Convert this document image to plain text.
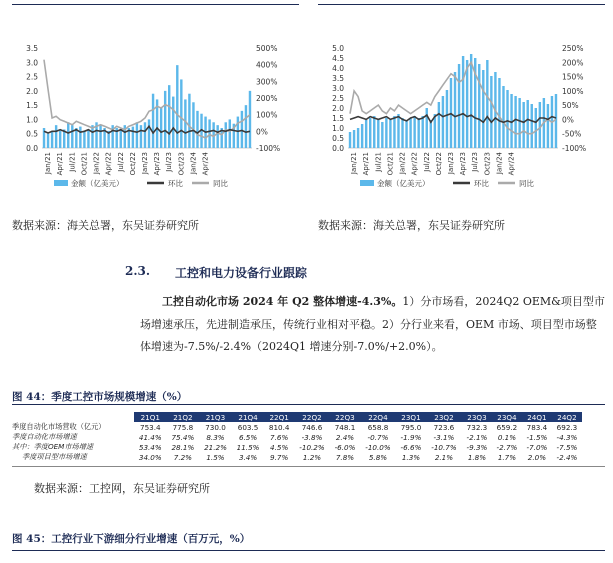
3.5
3.0
2.5
2.0
1.5
1.0
0.5
0.0
500%
400%
300%
200%
100%
0%
-100%
Jan/21 Apr/21 Jul/21 Oct/21 Jan/22 Apr/22 Jul/22 Oct/22 Jan/23 Apr/23 Jul/23 Oct/23 Jan/24 Apr/24
金额（亿美元）	环比	同比
5.0
4.5
4.0
3.5
3.0
2.5
2.0
1.5
1.0
0.5
0.0
250%
200%
150%
100%
50%
0%
-50%
-100%
Jan/21 Apr/21 Jul/21 Oct/21 Jan/22 Apr/22 Jul/22 Oct/22 Jan/23 Apr/23 Jul/23 Oct/23 Jan/24 Apr/24
金额（亿美元）	环比	同比
数据来源：海关总署，东吴证券研究所	数据来源：海关总署，东吴证券研究所
2.3. 工控和电力设备行业跟踪
工控自动化市场 2024 年 Q2 整体增速-4.3%。1）分市场看，2024Q2 OEM&项目型市场增速承压，先进制造承压，传统行业相对平稳。2）分行业来看，OEM 市场、项目型市场整体增速为-7.5%/-2.4%（2024Q1 增速分别-7.0%/+2.0%）。
图 44：季度工控市场规模增速（%）
	21Q1	21Q2	21Q3	21Q4	22Q1	22Q2	22Q3	22Q4	23Q1	23Q2	23Q3	23Q4	24Q1	24Q2
季度自动化市场营收（亿元）	753.4	775.8	730.0	603.5	810.4	746.6	748.1	658.8	795.0	723.6	732.3	659.2	783.4	692.3
季度自动化市场增速	41.4%	75.4%	8.3%	6.5%	7.6%	-3.8%	2.4%	-0.7%	-1.9%	-3.1%	-2.1%	0.1%	-1.5%	-4.3%
其中：季度OEM市场增速	53.4%	28.1%	21.2%	11.5%	4.5%	-10.2%	-6.0%	-10.0%	-6.6%	-10.7%	-9.3%	-2.7%	-7.0%	-7.5%
季度项目型市场增速	34.0%	7.2%	1.5%	3.4%	9.7%	1.2%	7.8%	5.8%	1.3%	2.1%	1.8%	1.7%	2.0%	-2.4%
数据来源：工控网，东吴证券研究所
图 45：工控行业下游细分行业增速（百万元，%）
